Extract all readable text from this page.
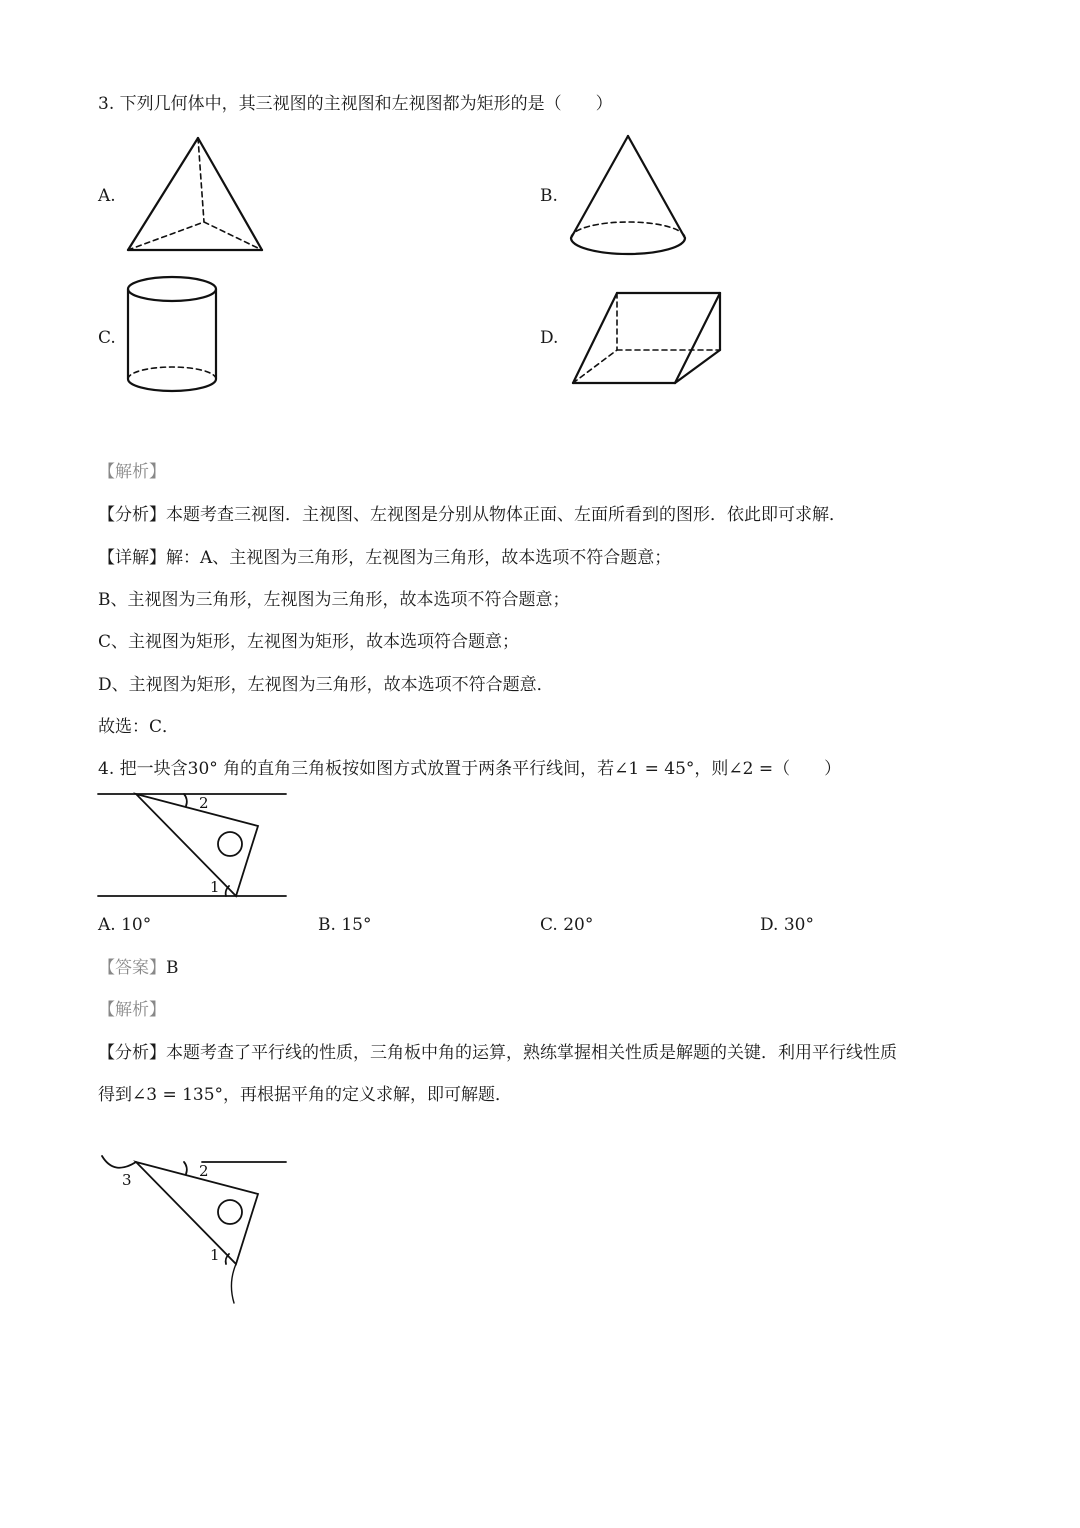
3. 下列几何体中，其三视图的主视图和左视图都为矩形的是（　　）
A.	B.
C.	D.
【解析】
【分析】本题考查三视图．主视图、左视图是分别从物体正面、左面所看到的图形．依此即可求解．
【详解】解：A、主视图为三角形，左视图为三角形，故本选项不符合题意；
B、主视图为三角形，左视图为三角形，故本选项不符合题意；
C、主视图为矩形，左视图为矩形，故本选项符合题意；
D、主视图为矩形，左视图为三角形，故本选项不符合题意．
故选：C．
4. 把一块含30° 角的直角三角板按如图方式放置于两条平行线间，若∠1 = 45°，则∠2 =（　　）
2
1
A. 10°	B. 15°	C. 20°	D. 30°
【答案】B
【解析】
【分析】本题考查了平行线的性质，三角板中角的运算，熟练掌握相关性质是解题的关键．利用平行线性质
得到∠3 = 135°，再根据平角的定义求解，即可解题．
2
1
3
